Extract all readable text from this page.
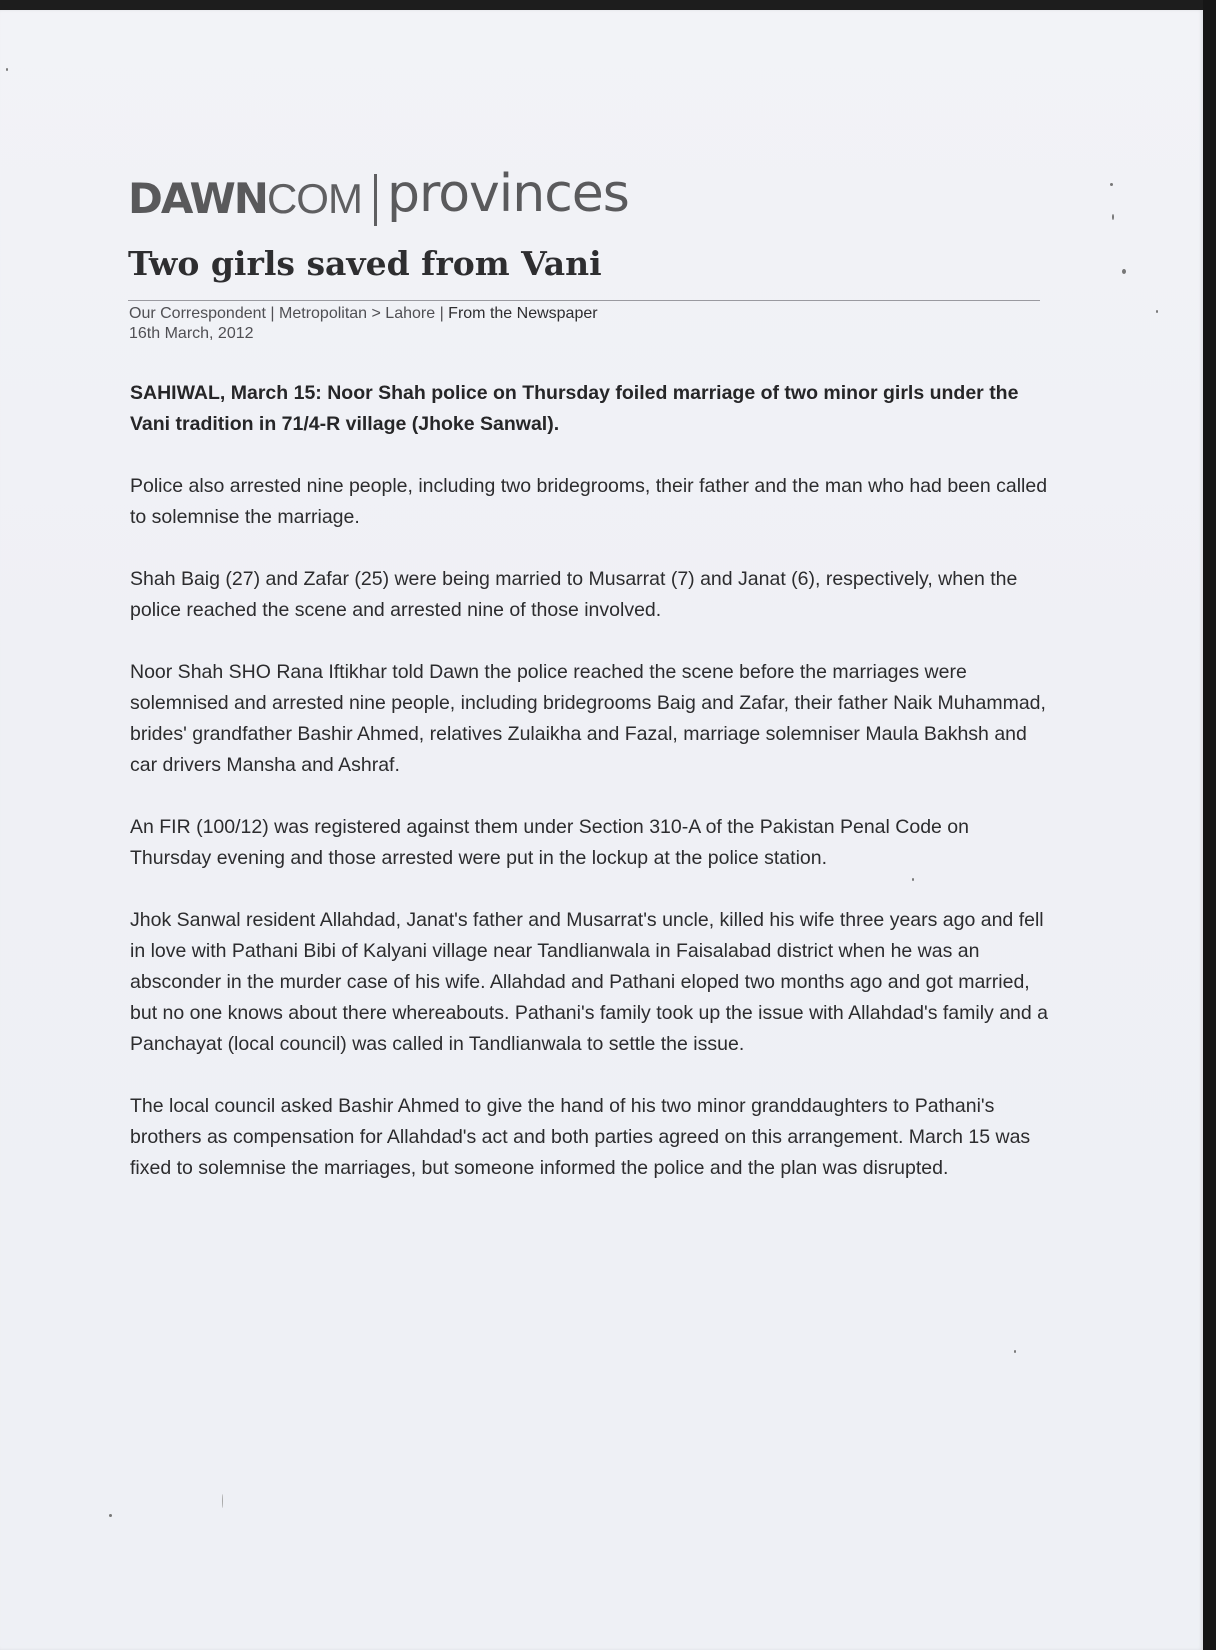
DAWN COM provinces
Two girls saved from Vani
Our Correspondent | Metropolitan > Lahore | From the Newspaper
16th March, 2012

SAHIWAL, March 15: Noor Shah police on Thursday foiled marriage of two minor girls under the Vani tradition in 71/4-R village (Jhoke Sanwal).

Police also arrested nine people, including two bridegrooms, their father and the man who had been called to solemnise the marriage.

Shah Baig (27) and Zafar (25) were being married to Musarrat (7) and Janat (6), respectively, when the police reached the scene and arrested nine of those involved.

Noor Shah SHO Rana Iftikhar told Dawn the police reached the scene before the marriages were solemnised and arrested nine people, including bridegrooms Baig and Zafar, their father Naik Muhammad, brides' grandfather Bashir Ahmed, relatives Zulaikha and Fazal, marriage solemniser Maula Bakhsh and car drivers Mansha and Ashraf.

An FIR (100/12) was registered against them under Section 310-A of the Pakistan Penal Code on Thursday evening and those arrested were put in the lockup at the police station.

Jhok Sanwal resident Allahdad, Janat's father and Musarrat's uncle, killed his wife three years ago and fell in love with Pathani Bibi of Kalyani village near Tandlianwala in Faisalabad district when he was an absconder in the murder case of his wife. Allahdad and Pathani eloped two months ago and got married, but no one knows about there whereabouts. Pathani's family took up the issue with Allahdad's family and a Panchayat (local council) was called in Tandlianwala to settle the issue.

The local council asked Bashir Ahmed to give the hand of his two minor granddaughters to Pathani's brothers as compensation for Allahdad's act and both parties agreed on this arrangement. March 15 was fixed to solemnise the marriages, but someone informed the police and the plan was disrupted.
